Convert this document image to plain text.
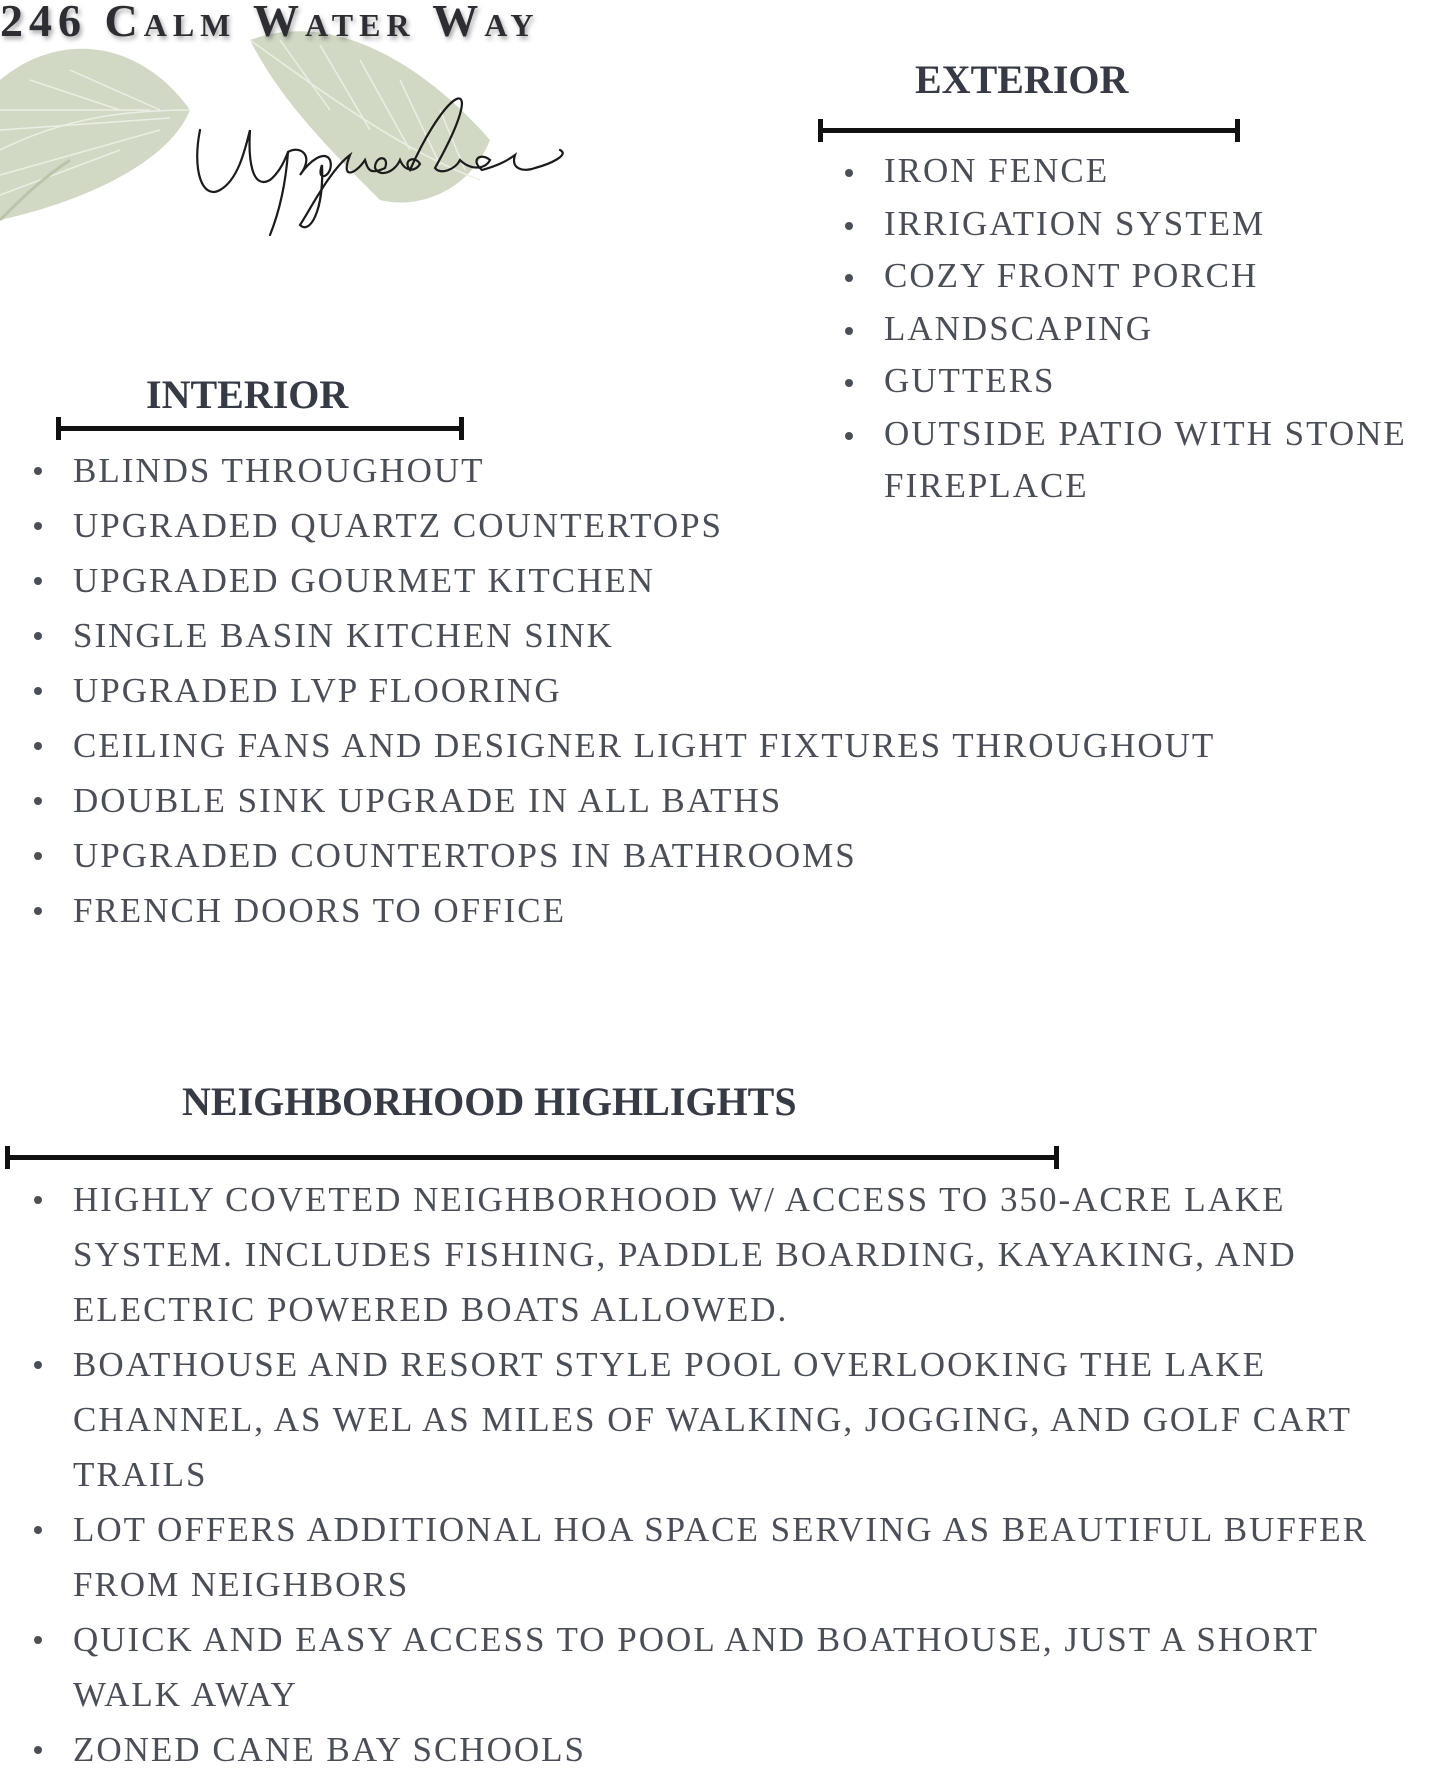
246 Calm Water Way
Upgrades
EXTERIOR
IRON FENCE
IRRIGATION SYSTEM
COZY FRONT PORCH
LANDSCAPING
GUTTERS
OUTSIDE PATIO WITH STONE FIREPLACE
INTERIOR
BLINDS THROUGHOUT
UPGRADED QUARTZ COUNTERTOPS
UPGRADED GOURMET KITCHEN
SINGLE BASIN KITCHEN SINK
UPGRADED LVP FLOORING
CEILING FANS AND DESIGNER LIGHT FIXTURES THROUGHOUT
DOUBLE SINK UPGRADE IN ALL BATHS
UPGRADED COUNTERTOPS IN BATHROOMS
FRENCH DOORS TO OFFICE
NEIGHBORHOOD HIGHLIGHTS
HIGHLY COVETED NEIGHBORHOOD W/ ACCESS TO 350-ACRE LAKE SYSTEM. INCLUDES FISHING, PADDLE BOARDING, KAYAKING, AND ELECTRIC POWERED BOATS ALLOWED.
BOATHOUSE AND RESORT STYLE POOL OVERLOOKING THE LAKE CHANNEL, AS WEL AS MILES OF WALKING, JOGGING, AND GOLF CART TRAILS
LOT OFFERS ADDITIONAL HOA SPACE SERVING AS BEAUTIFUL BUFFER FROM NEIGHBORS
QUICK AND EASY ACCESS TO POOL AND BOATHOUSE, JUST A SHORT WALK AWAY
ZONED CANE BAY SCHOOLS
